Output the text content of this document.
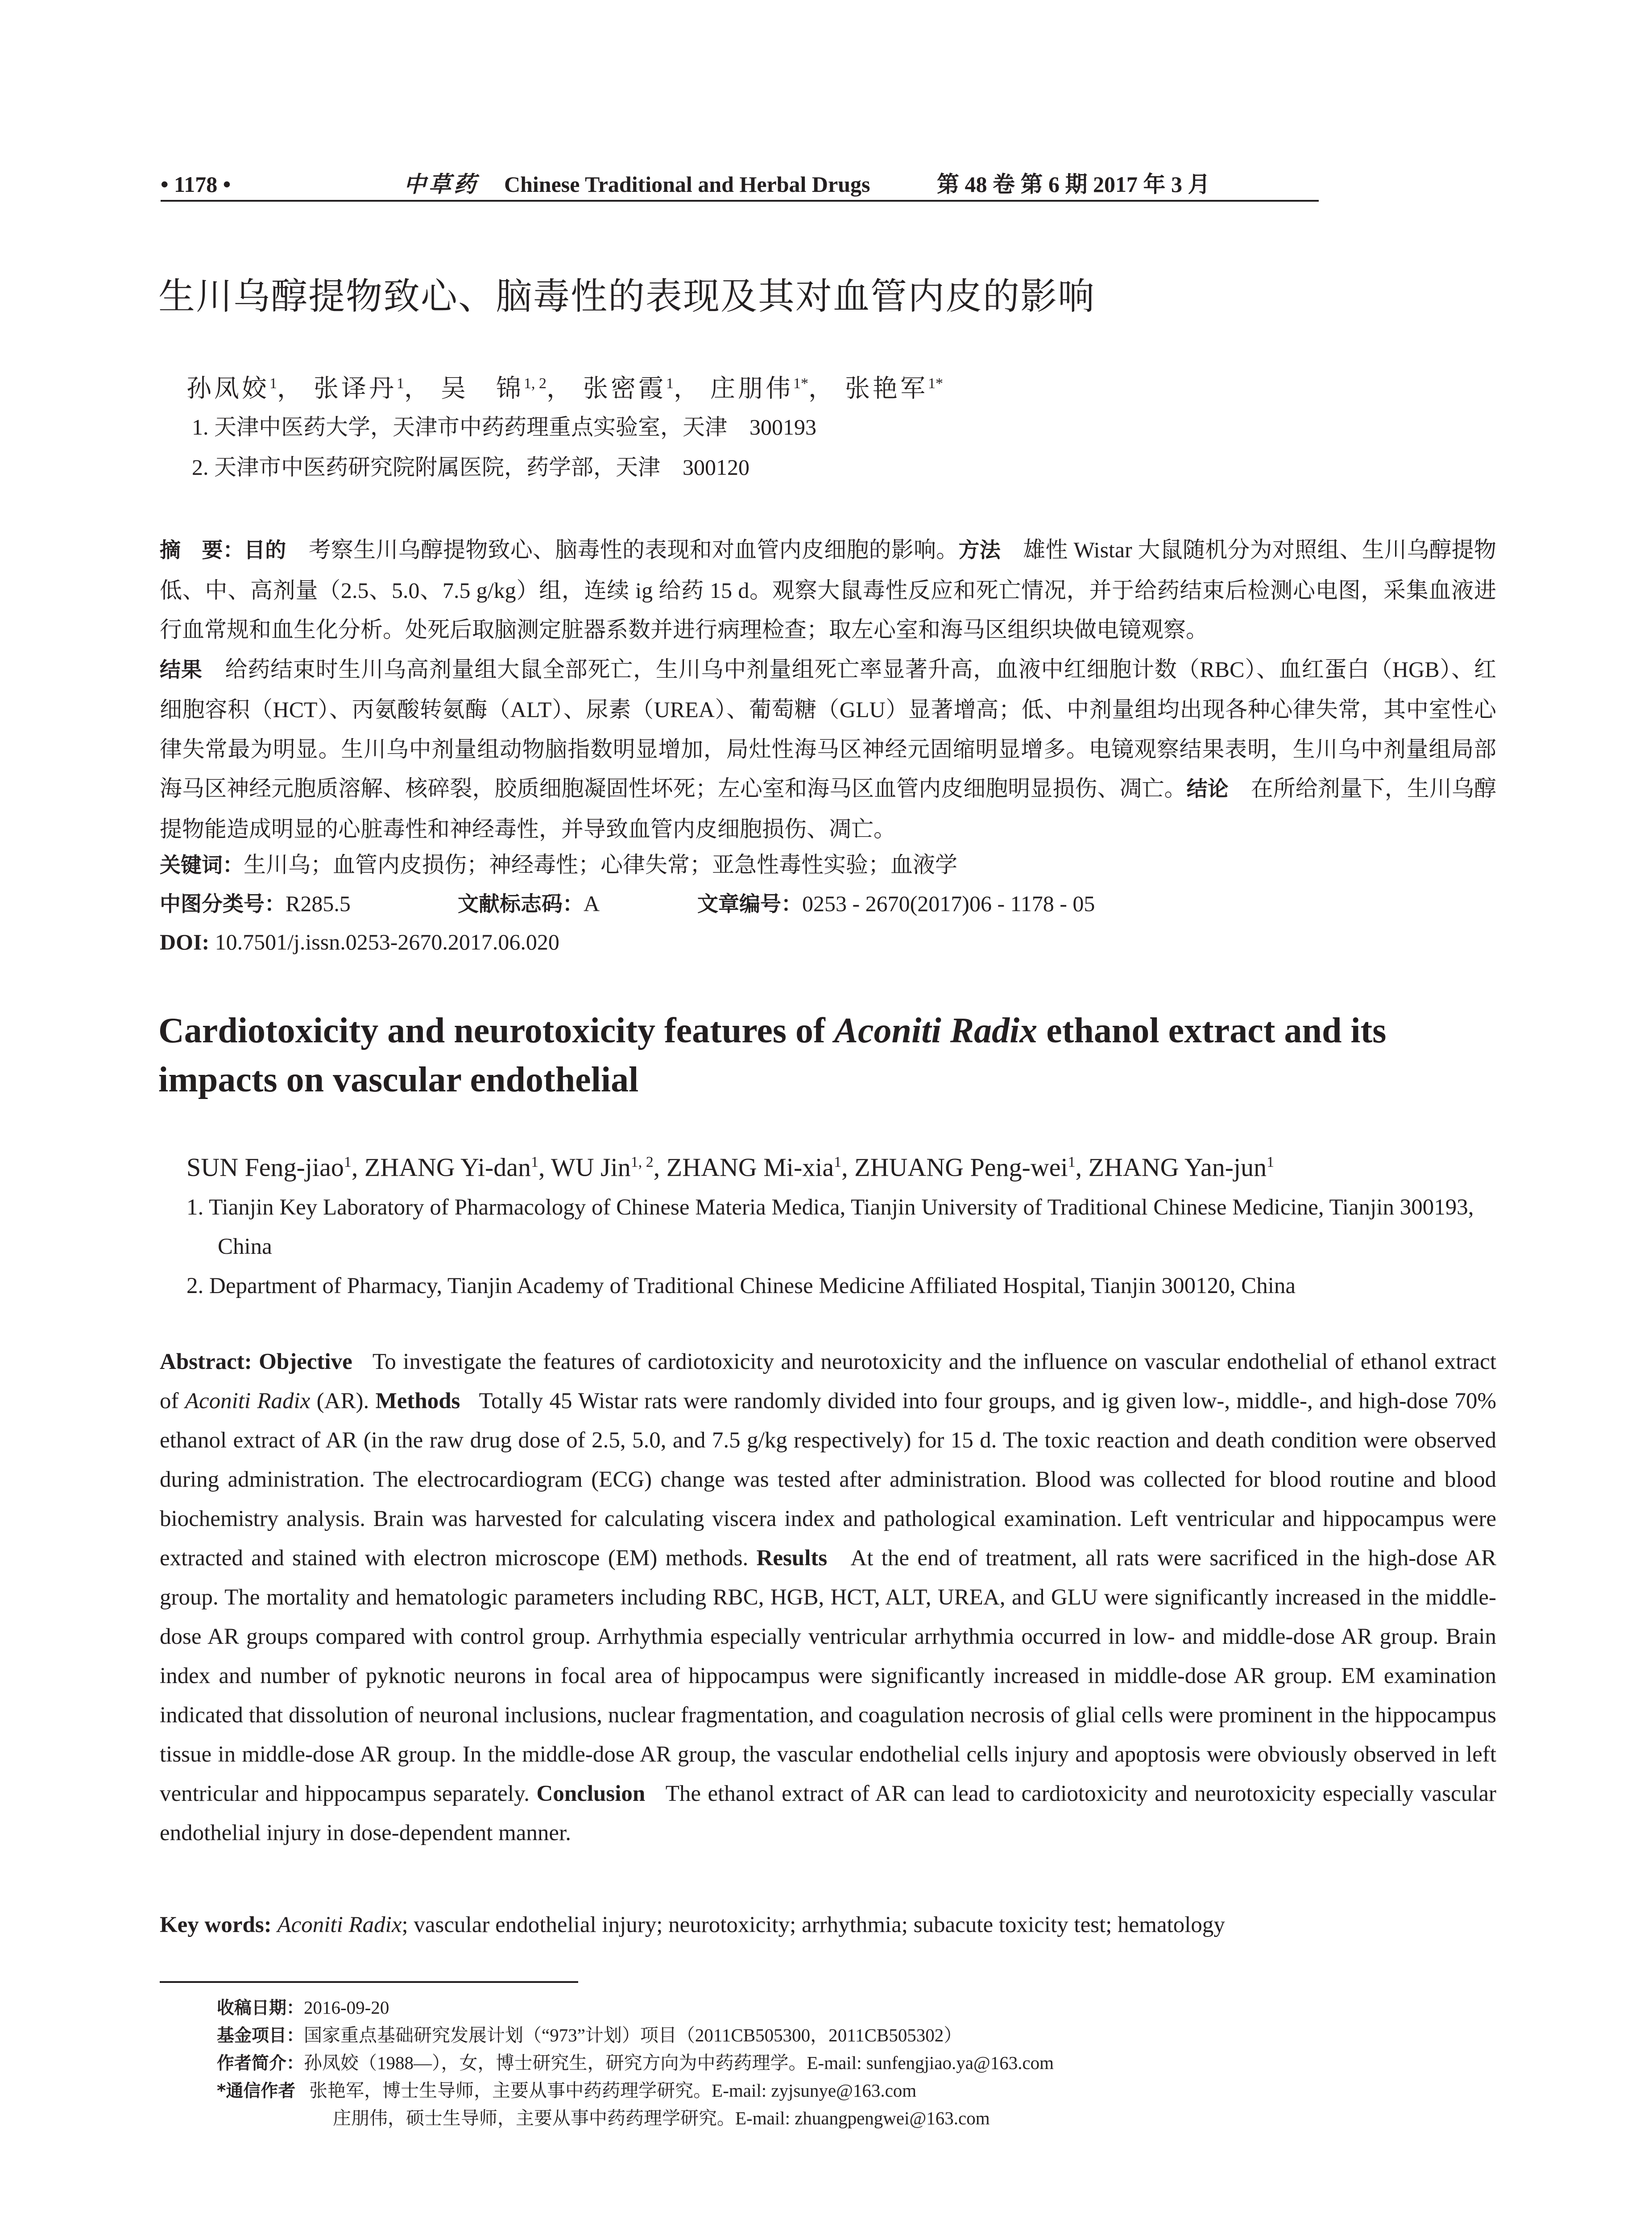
• 1178 •	中草药 Chinese Traditional and Herbal Drugs	第 48 卷 第 6 期 2017 年 3 月
生川乌醇提物致心、脑毒性的表现及其对血管内皮的影响
孙凤姣$^1$， 张译丹$^1$， 吴　锦$^{1, 2}$， 张密霞$^1$， 庄朋伟$^{1*}$， 张艳军$^{1*}$
1. 天津中医药大学，天津市中药药理重点实验室，天津　300193
2. 天津市中医药研究院附属医院，药学部，天津　300120

摘　要：目的　 考察生川乌醇提物致心、脑毒性的表现和对血管内皮细胞的影响。方法　 雄性 Wistar 大鼠随机分为对照组、生川乌醇提物低、中、高剂量（2.5、5.0、7.5 g/kg）组，连续 ig 给药 15 d。观察大鼠毒性反应和死亡情况，并于给药结束后检测心电图，采集血液进行血常规和血生化分析。处死后取脑测定脏器系数并进行病理检查；取左心室和海马区组织块做电镜观察。
结果　 给药结束时生川乌高剂量组大鼠全部死亡，生川乌中剂量组死亡率显著升高，血液中红细胞计数（RBC）、血红蛋白（HGB）、红细胞容积（HCT）、丙氨酸转氨酶（ALT）、尿素（UREA）、葡萄糖（GLU）显著增高；低、中剂量组均出现各种心律失常，其中室性心律失常最为明显。生川乌中剂量组动物脑指数明显增加，局灶性海马区神经元固缩明显增多。电镜观察结果表明，生川乌中剂量组局部海马区神经元胞质溶解、核碎裂，胶质细胞凝固性坏死；左心室和海马区血管内皮细胞明显损伤、凋亡。结论　 在所给剂量下，生川乌醇提物能造成明显的心脏毒性和神经毒性，并导致血管内皮细胞损伤、凋亡。

关键词：生川乌；血管内皮损伤；神经毒性；心律失常；亚急性毒性实验；血液学
中图分类号：R285.5	文献标志码：A	文章编号：0253 - 2670(2017)06 - 1178 - 05
DOI: 10.7501/j.issn.0253-2670.2017.06.020

Cardiotoxicity and neurotoxicity features of Aconiti Radix ethanol extract and its impacts on vascular endothelial

SUN Feng-jiao$^1$, ZHANG Yi-dan$^1$, WU Jin$^{1, 2}$, ZHANG Mi-xia$^1$, ZHUANG Peng-wei$^1$, ZHANG Yan-jun$^1$
1. Tianjin Key Laboratory of Pharmacology of Chinese Materia Medica, Tianjin University of Traditional Chinese Medicine, Tianjin 300193, China
2. Department of Pharmacy, Tianjin Academy of Traditional Chinese Medicine Affiliated Hospital, Tianjin 300120, China

Abstract: Objective To investigate the features of cardiotoxicity and neurotoxicity and the influence on vascular endothelial of ethanol extract of Aconiti Radix (AR). Methods Totally 45 Wistar rats were randomly divided into four groups, and ig given low-, middle-, and high-dose 70% ethanol extract of AR (in the raw drug dose of 2.5, 5.0, and 7.5 g/kg respectively) for 15 d. The toxic reaction and death condition were observed during administration. The electrocardiogram (ECG) change was tested after administration. Blood was collected for blood routine and blood biochemistry analysis. Brain was harvested for calculating viscera index and pathological examination. Left ventricular and hippocampus were extracted and stained with electron microscope (EM) methods. Results At the end of treatment, all rats were sacrificed in the high-dose AR group. The mortality and hematologic parameters including RBC, HGB, HCT, ALT, UREA, and GLU were significantly increased in the middle-dose AR groups compared with control group. Arrhythmia especially ventricular arrhythmia occurred in low- and middle-dose AR group. Brain index and number of pyknotic neurons in focal area of hippocampus were significantly increased in middle-dose AR group. EM examination indicated that dissolution of neuronal inclusions, nuclear fragmentation, and coagulation necrosis of glial cells were prominent in the hippocampus tissue in middle-dose AR group. In the middle-dose AR group, the vascular endothelial cells injury and apoptosis were obviously observed in left ventricular and hippocampus separately. Conclusion The ethanol extract of AR can lead to cardiotoxicity and neurotoxicity especially vascular endothelial injury in dose-dependent manner.

Key words: Aconiti Radix; vascular endothelial injury; neurotoxicity; arrhythmia; subacute toxicity test; hematology
收稿日期：2016-09-20
基金项目：国家重点基础研究发展计划（“973”计划）项目（2011CB505300，2011CB505302）
作者简介：孙凤姣（1988—），女，博士研究生，研究方向为中药药理学。E-mail: sunfengjiao.ya@163.com
*通信作者 张艳军，博士生导师，主要从事中药药理学研究。E-mail: zyjsunye@163.com
庄朋伟，硕士生导师，主要从事中药药理学研究。E-mail: zhuangpengwei@163.com
